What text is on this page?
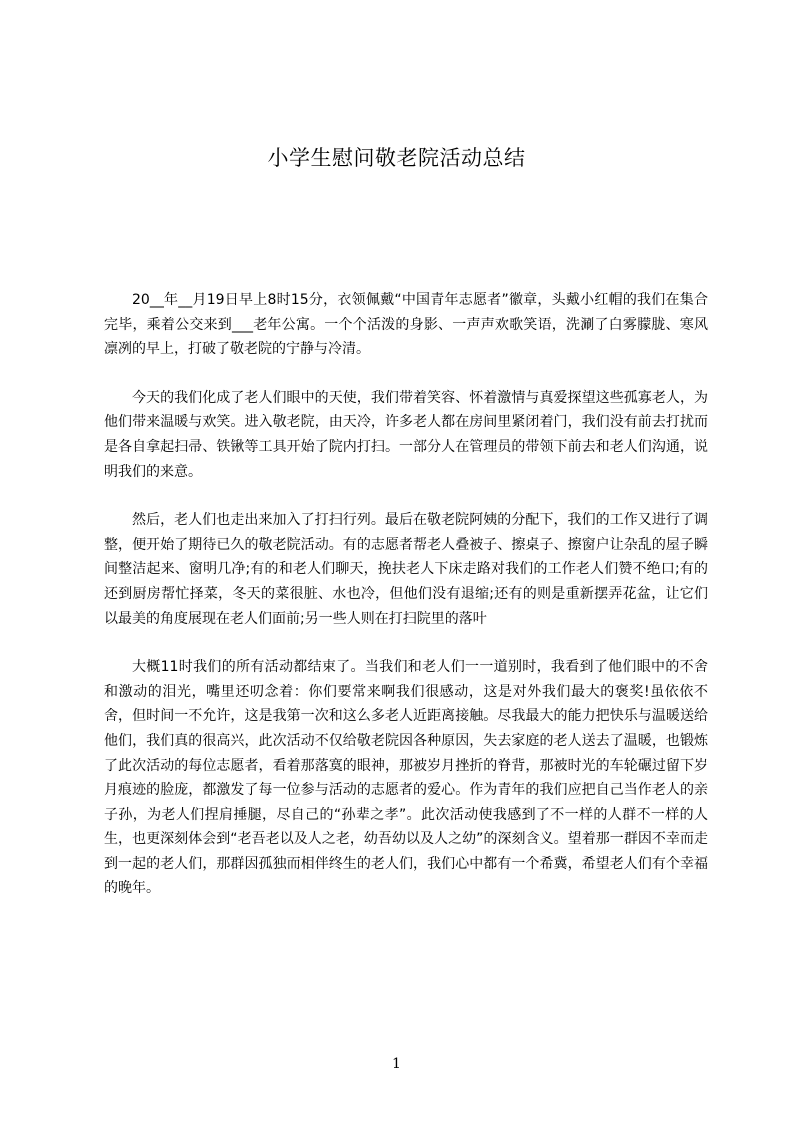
小学生慰问敬老院活动总结

20__年__月19日早上8时15分，衣领佩戴“中国青年志愿者”徽章，头戴小红帽的我们在集合完毕，乘着公交来到___老年公寓。一个个活泼的身影、一声声欢歌笑语，洗涮了白雾朦胧、寒风凛冽的早上，打破了敬老院的宁静与冷清。

今天的我们化成了老人们眼中的天使，我们带着笑容、怀着激情与真爱探望这些孤寡老人，为他们带来温暖与欢笑。进入敬老院，由天冷，许多老人都在房间里紧闭着门，我们没有前去打扰而是各自拿起扫帚、铁锹等工具开始了院内打扫。一部分人在管理员的带领下前去和老人们沟通，说明我们的来意。

然后，老人们也走出来加入了打扫行列。最后在敬老院阿姨的分配下，我们的工作又进行了调整，便开始了期待已久的敬老院活动。有的志愿者帮老人叠被子、擦桌子、擦窗户让杂乱的屋子瞬间整洁起来、窗明几净;有的和老人们聊天，挽扶老人下床走路对我们的工作老人们赞不绝口;有的还到厨房帮忙择菜，冬天的菜很脏、水也冷，但他们没有退缩;还有的则是重新摆弄花盆，让它们以最美的角度展现在老人们面前;另一些人则在打扫院里的落叶

大概11时我们的所有活动都结束了。当我们和老人们一一道别时，我看到了他们眼中的不舍和激动的泪光，嘴里还叨念着：你们要常来啊我们很感动，这是对外我们最大的褒奖!虽依依不舍，但时间一不允许，这是我第一次和这么多老人近距离接触。尽我最大的能力把快乐与温暖送给他们，我们真的很高兴，此次活动不仅给敬老院因各种原因，失去家庭的老人送去了温暖，也锻炼了此次活动的每位志愿者，看着那落寞的眼神，那被岁月挫折的脊背，那被时光的车轮碾过留下岁月痕迹的脸庞，都激发了每一位参与活动的志愿者的爱心。作为青年的我们应把自己当作老人的亲子孙，为老人们捏肩捶腿，尽自己的“孙辈之孝”。此次活动使我感到了不一样的人群不一样的人生，也更深刻体会到“老吾老以及人之老，幼吾幼以及人之幼”的深刻含义。望着那一群因不幸而走到一起的老人们，那群因孤独而相伴终生的老人们，我们心中都有一个希冀，希望老人们有个幸福的晚年。

1
